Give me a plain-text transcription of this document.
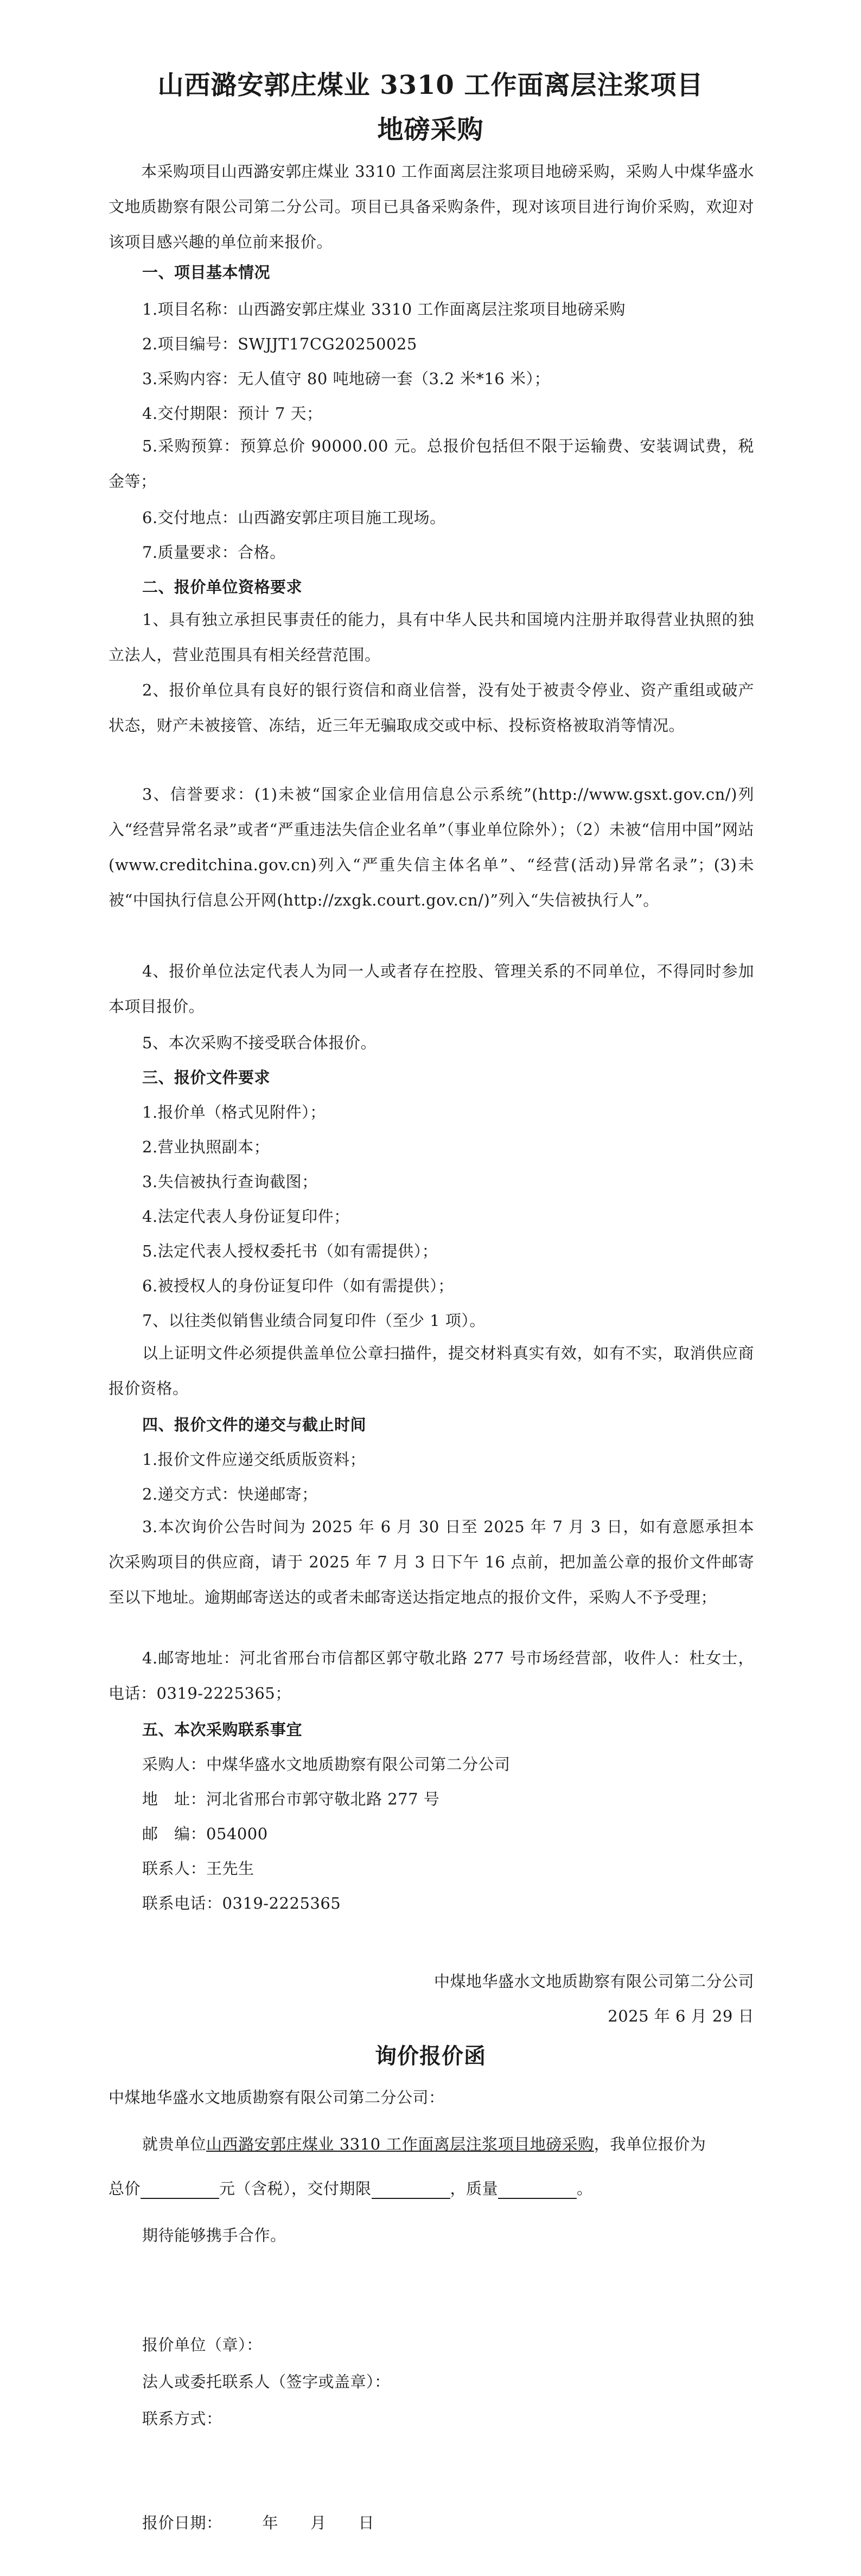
山西潞安郭庄煤业 3310 工作面离层注浆项目
地磅采购
本采购项目山西潞安郭庄煤业 3310 工作面离层注浆项目地磅采购，采购人中煤华盛水文地质勘察有限公司第二分公司。项目已具备采购条件，现对该项目进行询价采购，欢迎对该项目感兴趣的单位前来报价。
一、项目基本情况
1.项目名称：山西潞安郭庄煤业 3310 工作面离层注浆项目地磅采购
2.项目编号：SWJJT17CG20250025
3.采购内容：无人值守 80 吨地磅一套（3.2 米*16 米）；
4.交付期限：预计 7 天；
5.采购预算：预算总价 90000.00 元。总报价包括但不限于运输费、安装调试费，税金等；
6.交付地点：山西潞安郭庄项目施工现场。
7.质量要求：合格。
二、报价单位资格要求
1、具有独立承担民事责任的能力，具有中华人民共和国境内注册并取得营业执照的独立法人，营业范围具有相关经营范围。
2、报价单位具有良好的银行资信和商业信誉，没有处于被责令停业、资产重组或破产状态，财产未被接管、冻结，近三年无骗取成交或中标、投标资格被取消等情况。
3、信誉要求：(1)未被“国家企业信用信息公示系统”(http://www.gsxt.gov.cn/)列入“经营异常名录”或者“严重违法失信企业名单”（事业单位除外）；（2）未被“信用中国”网站(www.creditchina.gov.cn)列入“严重失信主体名单”、“经营(活动)异常名录”；(3)未被“中国执行信息公开网(http://zxgk.court.gov.cn/)”列入“失信被执行人”。
4、报价单位法定代表人为同一人或者存在控股、管理关系的不同单位，不得同时参加本项目报价。
5、本次采购不接受联合体报价。
三、报价文件要求
1.报价单（格式见附件）；
2.营业执照副本；
3.失信被执行查询截图；
4.法定代表人身份证复印件；
5.法定代表人授权委托书（如有需提供）；
6.被授权人的身份证复印件（如有需提供）；
7、以往类似销售业绩合同复印件（至少 1 项）。
以上证明文件必须提供盖单位公章扫描件，提交材料真实有效，如有不实，取消供应商报价资格。
四、报价文件的递交与截止时间
1.报价文件应递交纸质版资料；
2.递交方式：快递邮寄；
3.本次询价公告时间为 2025 年 6 月 30 日至 2025 年 7 月 3 日，如有意愿承担本次采购项目的供应商，请于 2025 年 7 月 3 日下午 16 点前，把加盖公章的报价文件邮寄至以下地址。逾期邮寄送达的或者未邮寄送达指定地点的报价文件，采购人不予受理；
4.邮寄地址：河北省邢台市信都区郭守敬北路 277 号市场经营部，收件人：杜女士，电话：0319-2225365；
五、本次采购联系事宜
采购人：中煤华盛水文地质勘察有限公司第二分公司
地　址：河北省邢台市郭守敬北路 277 号
邮　编：054000
联系人：王先生
联系电话：0319-2225365
中煤地华盛水文地质勘察有限公司第二分公司
2025 年 6 月 29 日
询价报价函
中煤地华盛水文地质勘察有限公司第二分公司：
就贵单位山西潞安郭庄煤业 3310 工作面离层注浆项目地磅采购，我单位报价为
总价	元（含税），交付期限	，质量	。
期待能够携手合作。
报价单位（章）：
法人或委托联系人（签字或盖章）：
联系方式：
报价日期：　　　年　　月　　日
